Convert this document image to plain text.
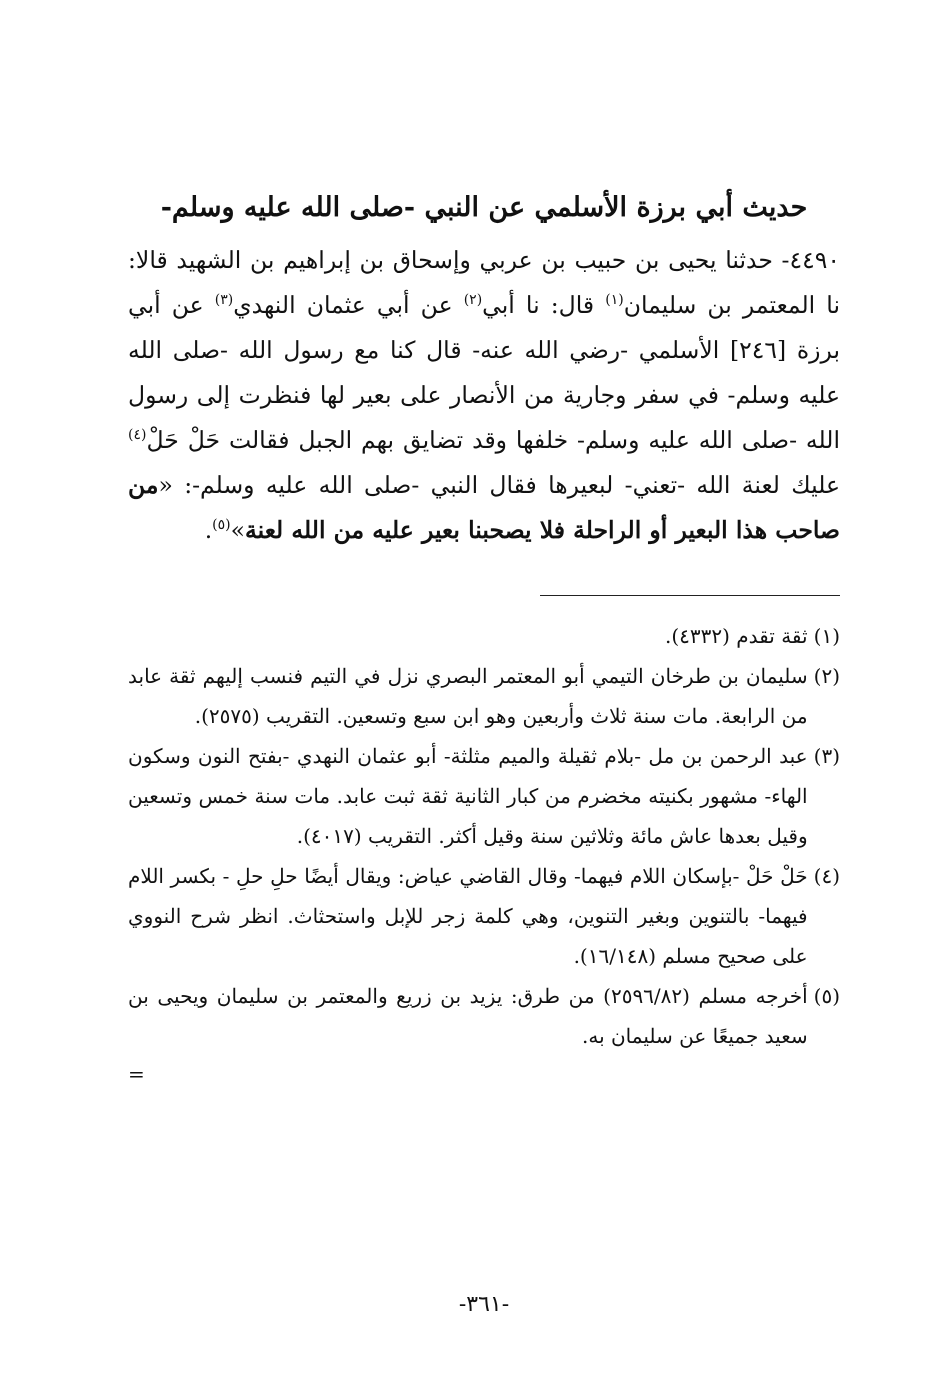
حديث أبي برزة الأسلمي عن النبي -صلى الله عليه وسلم-

٤٤٩٠- حدثنا يحيى بن حبيب بن عربي وإسحاق بن إبراهيم بن الشهيد قالا: نا المعتمر بن سليمان$^{(١)}$ قال: نا أبي$^{(٢)}$ عن أبي عثمان النهدي$^{(٣)}$ عن أبي برزة [٢٤٦] الأسلمي -رضي الله عنه- قال كنا مع رسول الله -صلى الله عليه وسلم- في سفر وجارية من الأنصار على بعير لها فنظرت إلى رسول الله -صلى الله عليه وسلم- خلفها وقد تضايق بهم الجبل فقالت حَلْ حَلْ$^{(٤)}$ عليك لعنة الله -تعني- لبعيرها فقال النبي -صلى الله عليه وسلم-: «من صاحب هذا البعير أو الراحلة فلا يصحبنا بعير عليه من الله لعنة»$^{(٥)}$.

(١)
ثقة تقدم (٤٣٣٢).
(٢)
سليمان بن طرخان التيمي أبو المعتمر البصري نزل في التيم فنسب إليهم ثقة عابد من الرابعة. مات سنة ثلاث وأربعين وهو ابن سبع وتسعين. التقريب (٢٥٧٥).
(٣)
عبد الرحمن بن مل -بلام ثقيلة والميم مثلثة- أبو عثمان النهدي -بفتح النون وسكون الهاء- مشهور بكنيته مخضرم من كبار الثانية ثقة ثبت عابد. مات سنة خمس وتسعين وقيل بعدها عاش مائة وثلاثين سنة وقيل أكثر. التقريب (٤٠١٧).
(٤)
حَلْ حَلْ -بإسكان اللام فيهما- وقال القاضي عياض: ويقال أيضًا حلِ حلِ - بكسر اللام فيهما- بالتنوين وبغير التنوين، وهي كلمة زجر للإبل واستحثاث. انظر شرح النووي على صحيح مسلم (١٦/١٤٨).
(٥)
أخرجه مسلم (٢٥٩٦/٨٢) من طرق: يزيد بن زريع والمعتمر بن سليمان ويحيى بن سعيد جميعًا عن سليمان به.
=
-٣٦١-
